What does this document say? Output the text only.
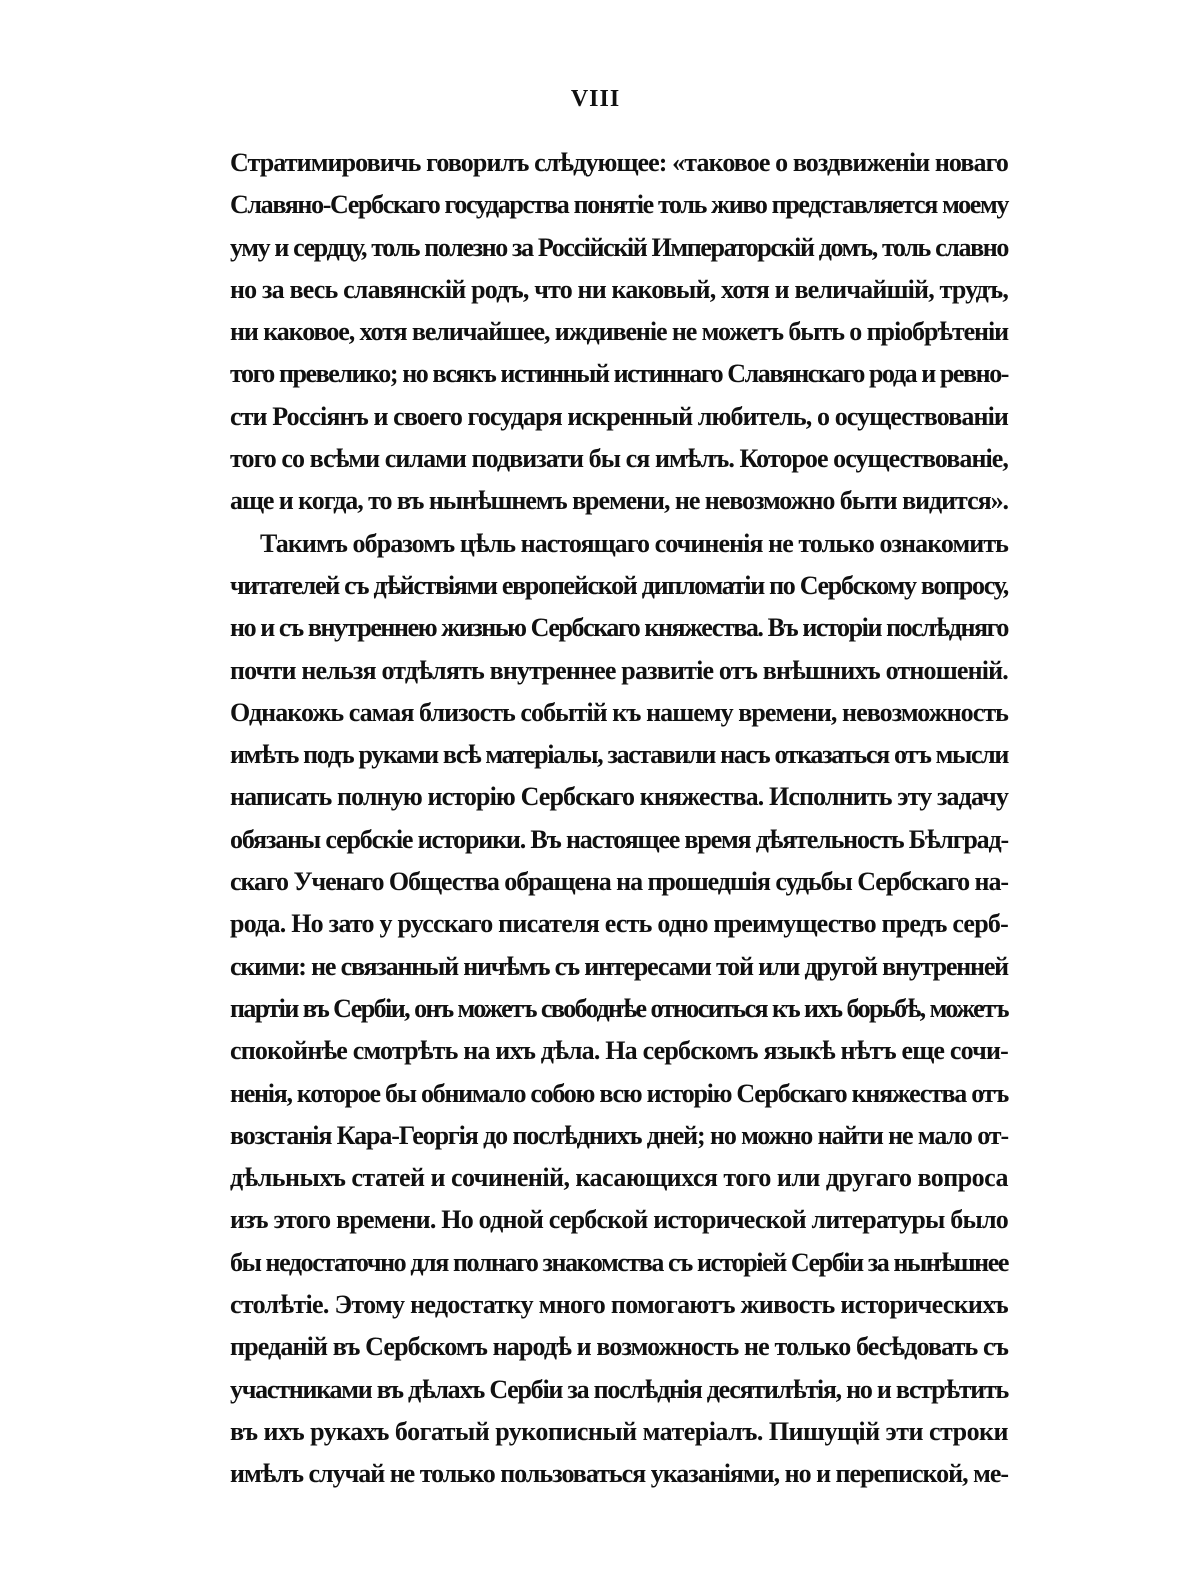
VIII
Стратимировичь говорилъ слѣдующее: «таковое о воздвиженіи новаго
Славяно-Сербскаго государства понятіе толь живо представляется моему
уму и сердцу, толь полезно за Россійскій Императорскій домъ, толь славно
но за весь славянскій родъ, что ни каковый, хотя и величайшій, трудъ,
ни каковое, хотя величайшее, иждивеніе не можетъ быть о пріобрѣтеніи
того превелико; но всякъ истинный истиннаго Славянскаго рода и ревно-
сти Россіянъ и своего государя искренный любитель, о осуществованіи
того со всѣми силами подвизати бы ся имѣлъ. Которое осуществованіе,
аще и когда, то въ нынѣшнемъ времени, не невозможно быти видится».
Такимъ образомъ цѣль настоящаго сочиненія не только ознакомить
читателей съ дѣйствіями европейской дипломатіи по Сербскому вопросу,
но и съ внутреннею жизнью Сербскаго княжества. Въ исторіи послѣдняго
почти нельзя отдѣлять внутреннее развитіе отъ внѣшнихъ отношеній.
Однакожь самая близость событій къ нашему времени, невозможность
имѣть подъ руками всѣ матеріалы, заставили насъ отказаться отъ мысли
написать полную исторію Сербскаго княжества. Исполнить эту задачу
обязаны сербскіе историки. Въ настоящее время дѣятельность Бѣлград-
скаго Ученаго Общества обращена на прошедшія судьбы Сербскаго на-
рода. Но зато у русскаго писателя есть одно преимущество предъ серб-
скими: не связанный ничѣмъ съ интересами той или другой внутренней
партіи въ Сербіи, онъ можетъ свободнѣе относиться къ ихъ борьбѣ, можетъ
спокойнѣе смотрѣть на ихъ дѣла. На сербскомъ языкѣ нѣтъ еще сочи-
ненія, которое бы обнимало собою всю исторію Сербскаго княжества отъ
возстанія Кара-Георгія до послѣднихъ дней; но можно найти не мало от-
дѣльныхъ статей и сочиненій, касающихся того или другаго вопроса
изъ этого времени. Но одной сербской исторической литературы было
бы недостаточно для полнаго знакомства съ исторіей Сербіи за нынѣшнее
столѣтіе. Этому недостатку много помогаютъ живость историческихъ
преданій въ Сербскомъ народѣ и возможность не только бесѣдовать съ
участниками въ дѣлахъ Сербіи за послѣднія десятилѣтія, но и встрѣтить
въ ихъ рукахъ богатый рукописный матеріалъ. Пишущій эти строки
имѣлъ случай не только пользоваться указаніями, но и перепиской, ме-
